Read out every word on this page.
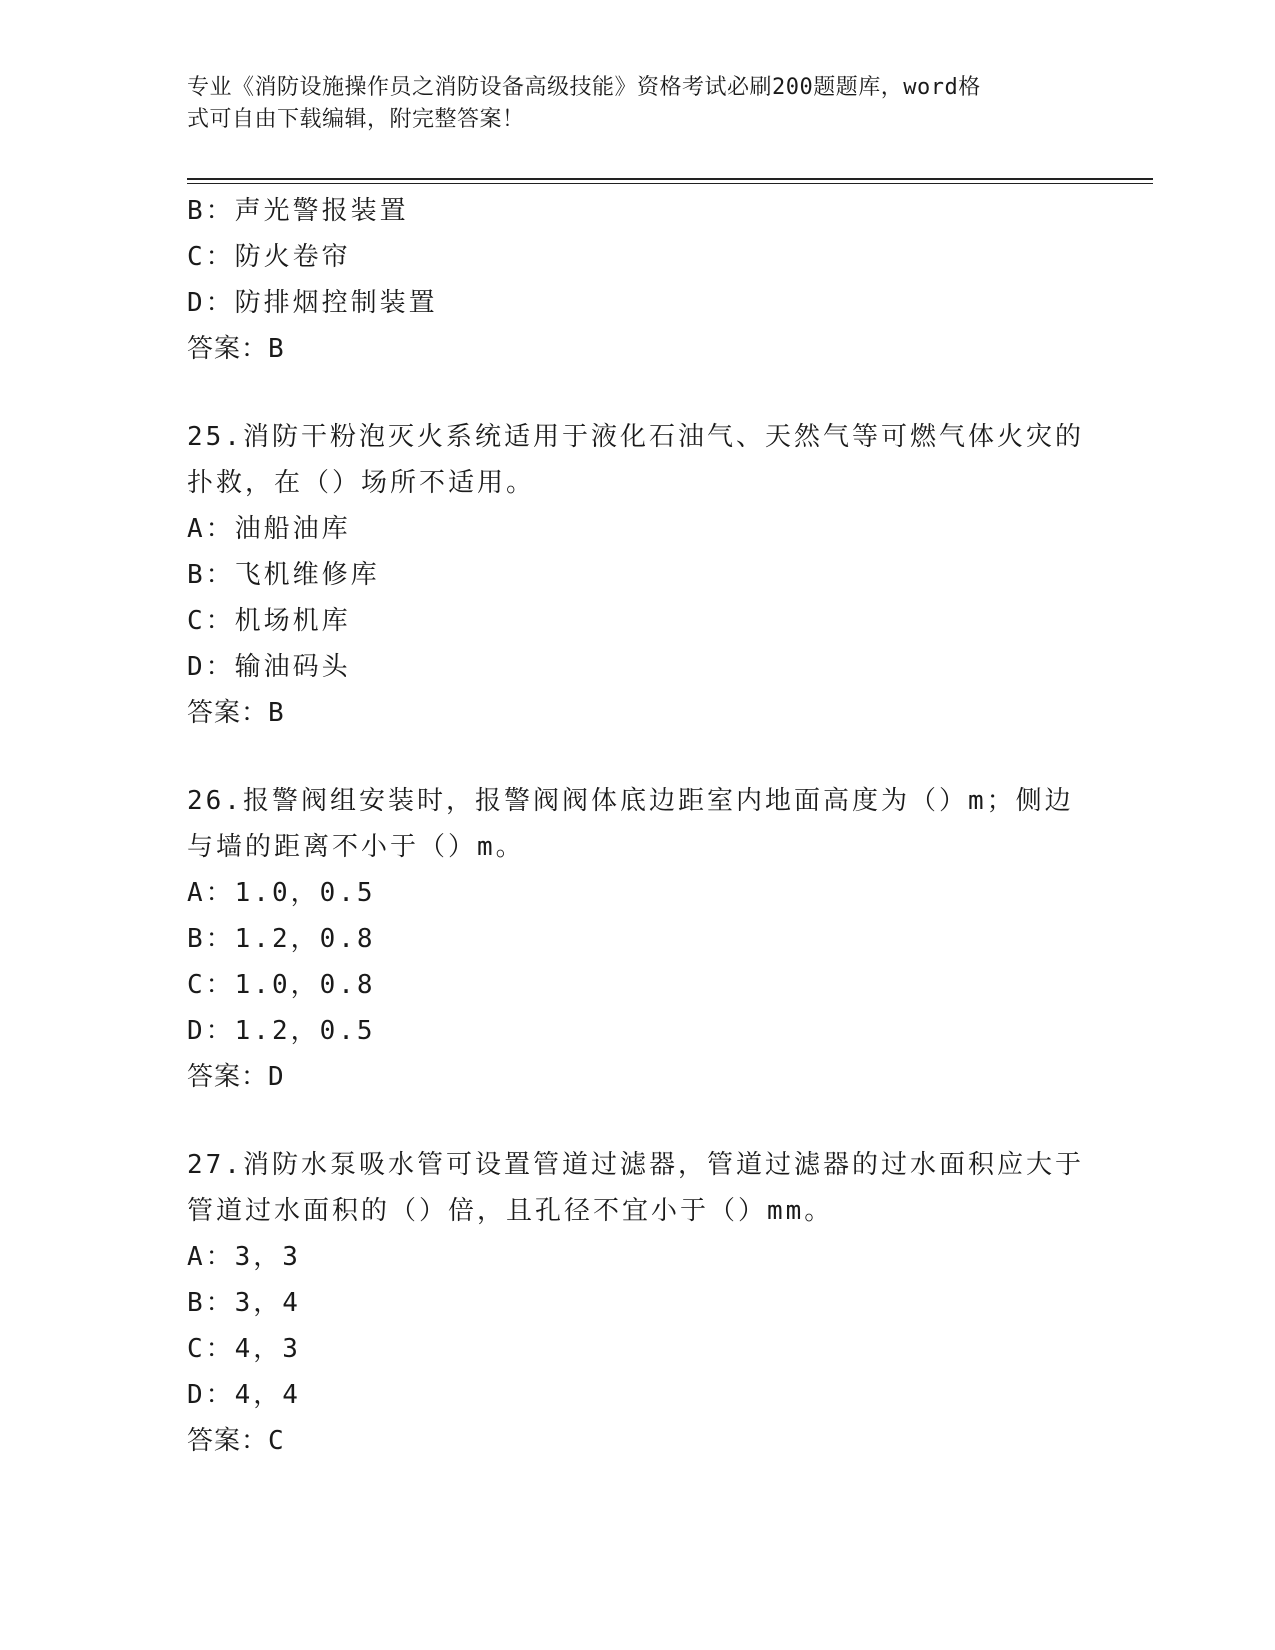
专业《消防设施操作员之消防设备高级技能》资格考试必刷200题题库，word格
式可自由下载编辑，附完整答案！
B：声光警报装置
C：防火卷帘
D：防排烟控制装置
答案：B
25.消防干粉泡灭火系统适用于液化石油气、天然气等可燃气体火灾的
扑救，在（）场所不适用。
A：油船油库
B：飞机维修库
C：机场机库
D：输油码头
答案：B
26.报警阀组安装时，报警阀阀体底边距室内地面高度为（）m；侧边
与墙的距离不小于（）m。
A：1.0，0.5
B：1.2，0.8
C：1.0，0.8
D：1.2，0.5
答案：D
27.消防水泵吸水管可设置管道过滤器，管道过滤器的过水面积应大于
管道过水面积的（）倍，且孔径不宜小于（）mm。
A：3，3
B：3，4
C：4，3
D：4，4
答案：C
